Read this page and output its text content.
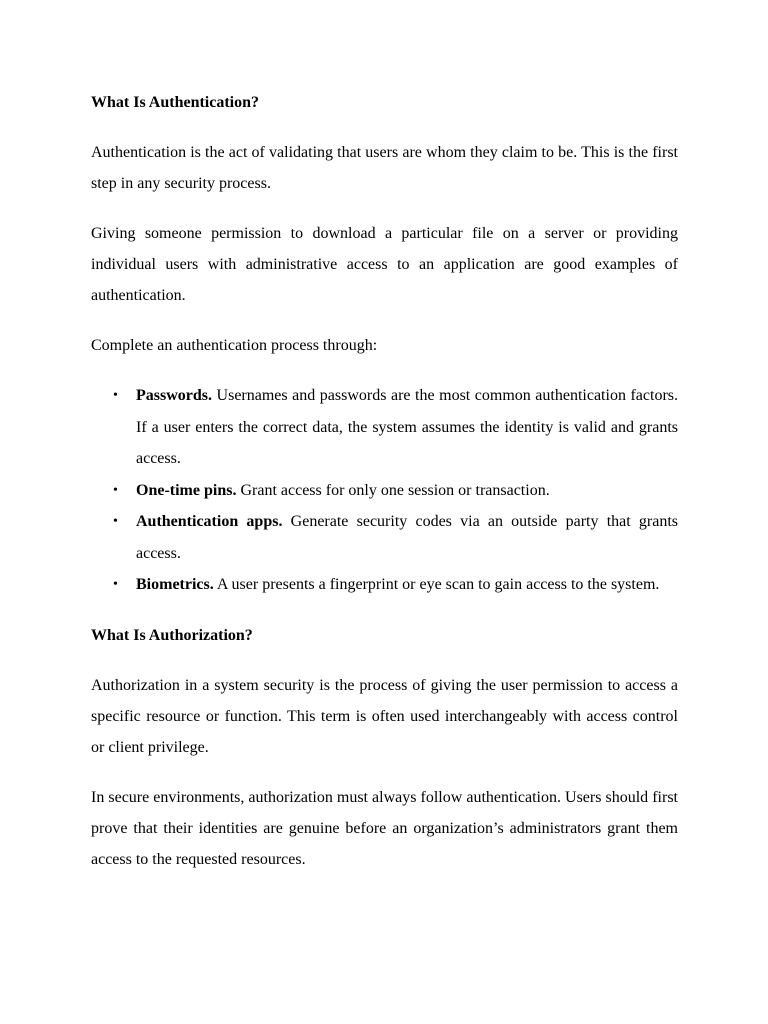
What Is Authentication?

Authentication is the act of validating that users are whom they claim to be. This is the first step in any security process.

Giving someone permission to download a particular file on a server or providing individual users with administrative access to an application are good examples of authentication.

Complete an authentication process through:

• Passwords. Usernames and passwords are the most common authentication factors. If a user enters the correct data, the system assumes the identity is valid and grants access.
• One-time pins. Grant access for only one session or transaction.
• Authentication apps. Generate security codes via an outside party that grants access.
• Biometrics. A user presents a fingerprint or eye scan to gain access to the system.
What Is Authorization?

Authorization in a system security is the process of giving the user permission to access a specific resource or function. This term is often used interchangeably with access control or client privilege.

In secure environments, authorization must always follow authentication. Users should first prove that their identities are genuine before an organization’s administrators grant them access to the requested resources.
